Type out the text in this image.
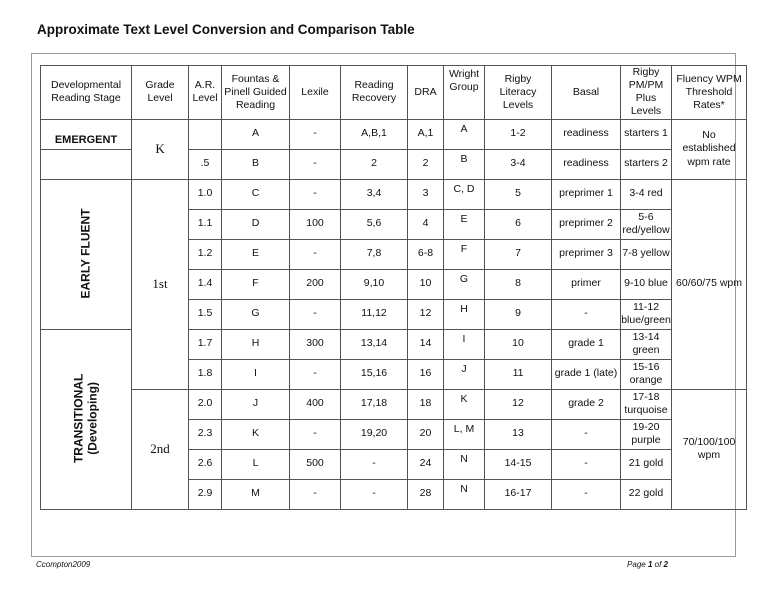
Approximate Text Level Conversion and Comparison Table
Developmental Reading Stage	Grade Level	A.R. Level	Fountas & Pinell Guided Reading	Lexile	Reading Recovery	DRA	Wright Group	Rigby Literacy Levels	Basal	Rigby PM/PM Plus Levels	Fluency WPM Threshold Rates*
EMERGENT	K		A	-	A,B,1	A,1	A	1-2	readiness	starters 1	No established wpm rate
		.5	B	-	2	2	B	3-4	readiness	starters 2	
EARLY FLUENT	1st	1.0	C	-	3,4	3	C, D	5	preprimer 1	3-4 red	60/60/75 wpm
		1.1	D	100	5,6	4	E	6	preprimer 2	5-6 red/yellow	
		1.2	E	-	7,8	6-8	F	7	preprimer 3	7-8 yellow	
		1.4	F	200	9,10	10	G	8	primer	9-10 blue	
		1.5	G	-	11,12	12	H	9	-	11-12 blue/green	
TRANSITIONAL
(Developing)		1.7	H	300	13,14	14	I	10	grade 1	13-14 green	
		1.8	I	-	15,16	16	J	11	grade 1 (late)	15-16 orange	
	2nd	2.0	J	400	17,18	18	K	12	grade 2	17-18 turquoise	70/100/100 wpm
		2.3	K	-	19,20	20	L, M	13	-	19-20 purple	
		2.6	L	500	-	24	N	14-15	-	21 gold	
		2.9	M	-	-	28	N	16-17	-	22 gold	
Ccompton2009	Page 1 of 2
